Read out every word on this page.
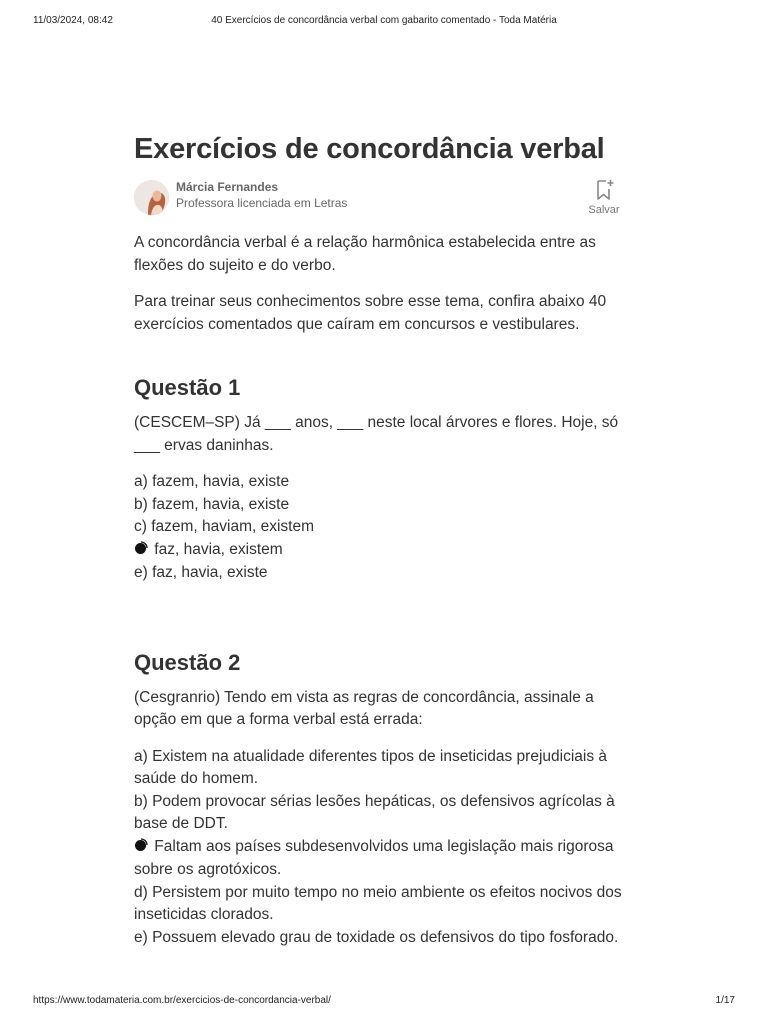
11/03/2024, 08:42	40 Exercícios de concordância verbal com gabarito comentado - Toda Matéria
Exercícios de concordância verbal
Márcia Fernandes
Professora licenciada em Letras	Salvar

A concordância verbal é a relação harmônica estabelecida entre as flexões do sujeito e do verbo.

Para treinar seus conhecimentos sobre esse tema, confira abaixo 40 exercícios comentados que caíram em concursos e vestibulares.

Questão 1

(CESCEM–SP) Já ___ anos, ___ neste local árvores e flores. Hoje, só ___ ervas daninhas.

a) fazem, havia, existe
b) fazem, havia, existe
c) fazem, haviam, existem
faz, havia, existem
e) faz, havia, existe
Questão 2

(Cesgranrio) Tendo em vista as regras de concordância, assinale a opção em que a forma verbal está errada:

a) Existem na atualidade diferentes tipos de inseticidas prejudiciais à saúde do homem.
b) Podem provocar sérias lesões hepáticas, os defensivos agrícolas à base de DDT.
Faltam aos países subdesenvolvidos uma legislação mais rigorosa sobre os agrotóxicos.
d) Persistem por muito tempo no meio ambiente os efeitos nocivos dos inseticidas clorados.
e) Possuem elevado grau de toxidade os defensivos do tipo fosforado.
https://www.todamateria.com.br/exercicios-de-concordancia-verbal/	1/17
